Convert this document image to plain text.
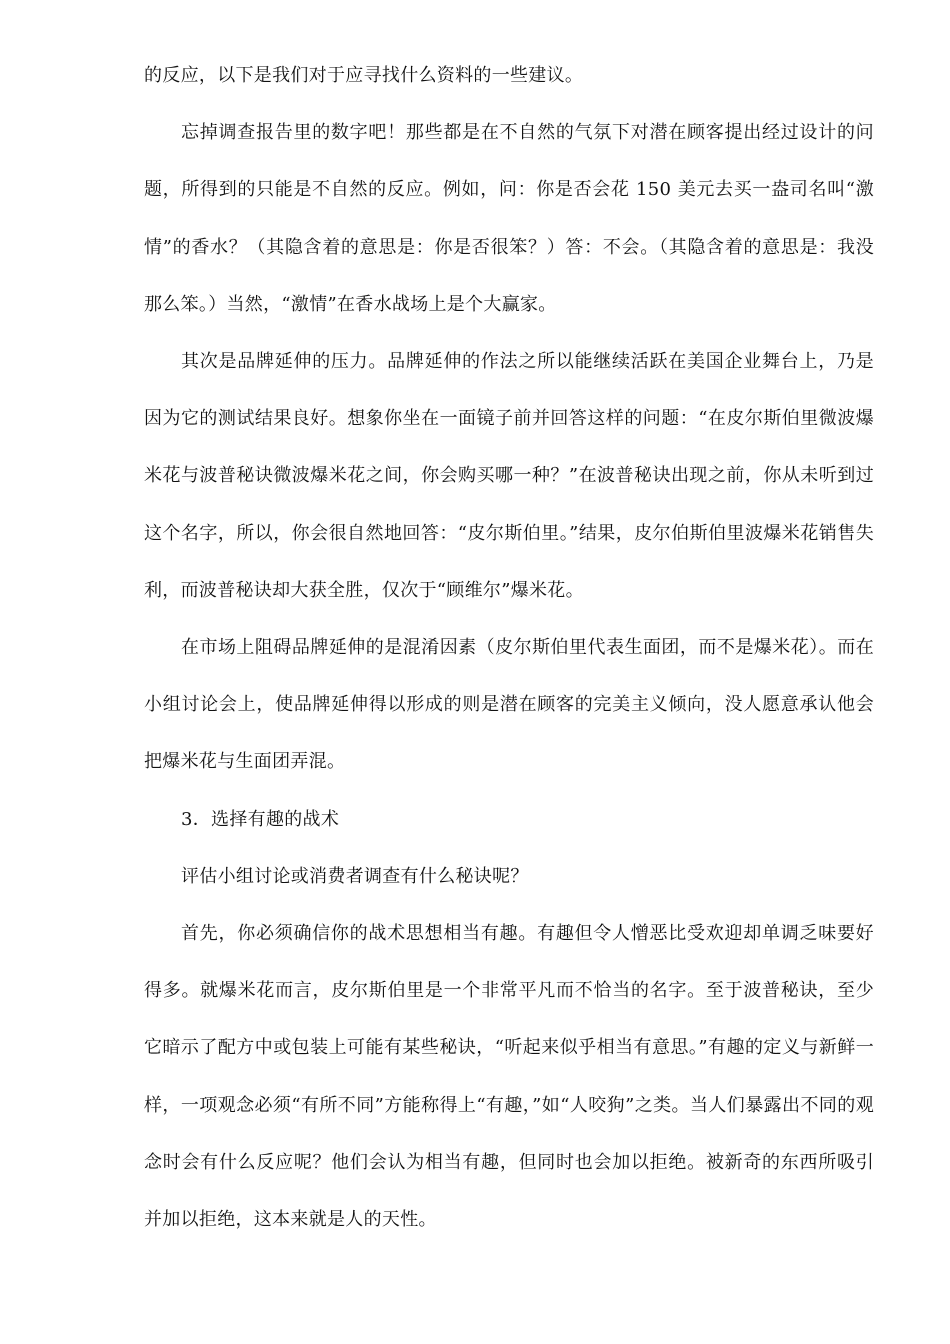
的反应，以下是我们对于应寻找什么资料的一些建议。

忘掉调查报告里的数字吧！那些都是在不自然的气氛下对潜在顾客提出经过设计的问题，所得到的只能是不自然的反应。例如，问：你是否会花 150 美元去买一盎司名叫“激情”的香水？（其隐含着的意思是：你是否很笨？）答：不会。（其隐含着的意思是：我没那么笨。）当然，“激情”在香水战场上是个大赢家。

其次是品牌延伸的压力。品牌延伸的作法之所以能继续活跃在美国企业舞台上，乃是因为它的测试结果良好。想象你坐在一面镜子前并回答这样的问题：“在皮尔斯伯里微波爆米花与波普秘诀微波爆米花之间，你会购买哪一种？”在波普秘诀出现之前，你从未听到过这个名字，所以，你会很自然地回答：“皮尔斯伯里。”结果，皮尔伯斯伯里波爆米花销售失利，而波普秘诀却大获全胜，仅次于“顾维尔”爆米花。

在市场上阻碍品牌延伸的是混淆因素（皮尔斯伯里代表生面团，而不是爆米花）。而在小组讨论会上，使品牌延伸得以形成的则是潜在顾客的完美主义倾向，没人愿意承认他会把爆米花与生面团弄混。

3．选择有趣的战术

评估小组讨论或消费者调查有什么秘诀呢？

首先，你必须确信你的战术思想相当有趣。有趣但令人憎恶比受欢迎却单调乏味要好得多。就爆米花而言，皮尔斯伯里是一个非常平凡而不恰当的名字。至于波普秘诀，至少它暗示了配方中或包装上可能有某些秘诀，“听起来似乎相当有意思。”有趣的定义与新鲜一样，一项观念必须“有所不同”方能称得上“有趣，”如“人咬狗”之类。当人们暴露出不同的观念时会有什么反应呢？他们会认为相当有趣，但同时也会加以拒绝。被新奇的东西所吸引并加以拒绝，这本来就是人的天性。
